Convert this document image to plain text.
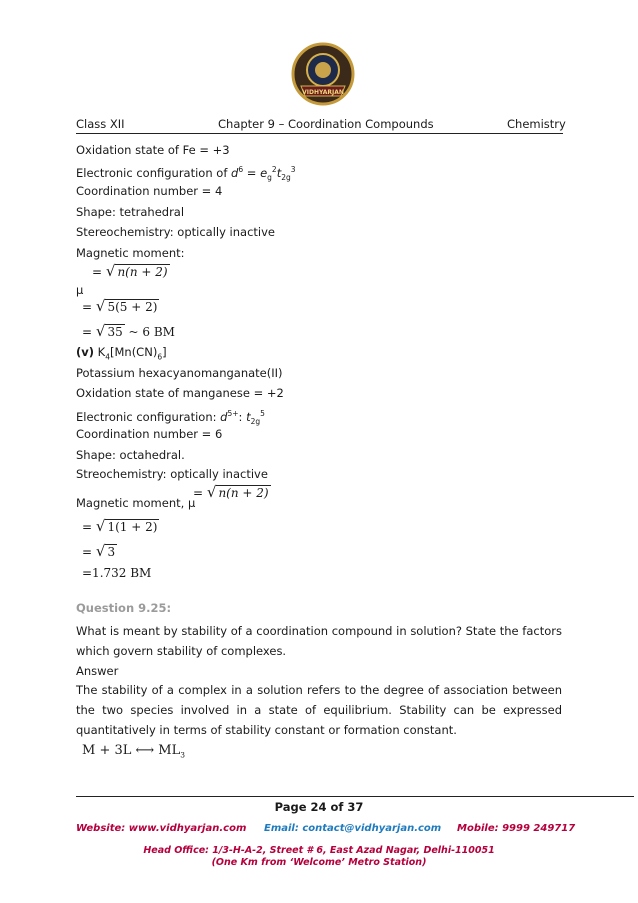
VIDHYARJAN
Class XII	Chapter 9 – Coordination Compounds	Chemistry
Oxidation state of Fe = +3
Electronic configuration of $d^6 = e_g^2t_{2g}^3$
Coordination number = 4
Shape: tetrahedral
Stereochemistry: optically inactive
Magnetic moment:
= √ n(n + 2)
μ
= √ 5(5 + 2)
= √ 35 ~ 6 BM
(v) $K_4[Mn(CN)_6]$
Potassium hexacyanomanganate(II)
Oxidation state of manganese = +2
Electronic configuration: $d^{5+}$: $t_{2g}^5$
Coordination number = 6
Shape: octahedral.
Streochemistry: optically inactive
Magnetic moment, μ
= √ n(n + 2)
= √ 1(1 + 2)
= √ 3
=1.732 BM
Question 9.25:
What is meant by stability of a coordination compound in solution? State the factors which govern stability of complexes.
Answer
The stability of a complex in a solution refers to the degree of association between the two species involved in a state of equilibrium. Stability can be expressed quantitatively in terms of stability constant or formation constant.
M + 3L ⟷ $ML_3$
Page 24 of 37
Website: www.vidhyarjan.com Email: contact@vidhyarjan.com Mobile: 9999 249717
Head Office: 1/3-H-A-2, Street # 6, East Azad Nagar, Delhi-110051
(One Km from ‘Welcome’ Metro Station)
